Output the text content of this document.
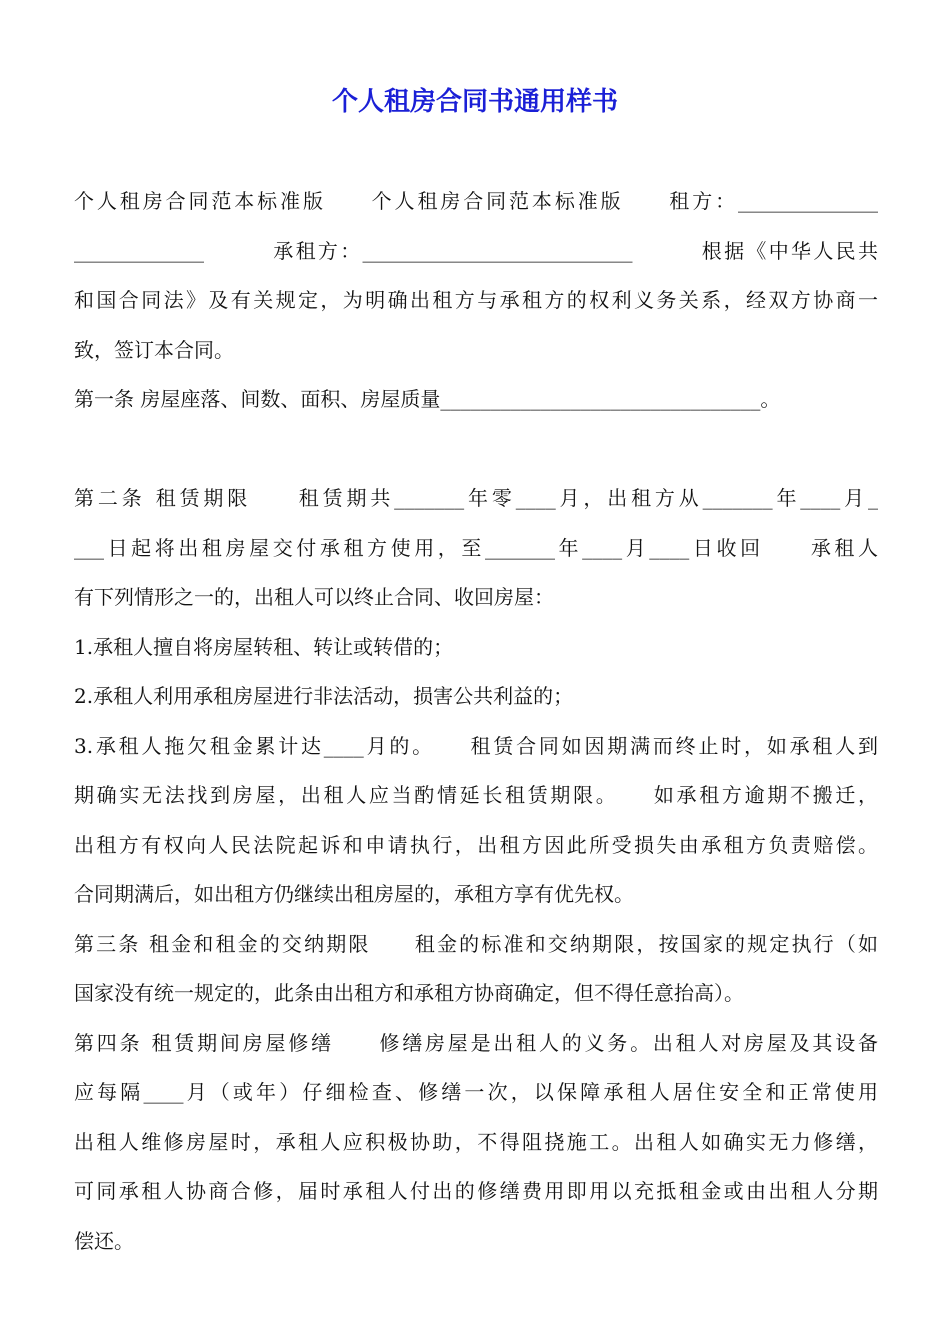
个人租房合同书通用样书
个人租房合同范本标准版　　个人租房合同范本标准版　　租方：______________
_____________　　　承租方：___________________________　　　根据《中华人民共
和国合同法》及有关规定，为明确出租方与承租方的权利义务关系，经双方协商一
致，签订本合同。
第一条 房屋座落、间数、面积、房屋质量________________________________。
第二条 租赁期限　　租赁期共_______年零____月，出租方从_______年____月_
___日起将出租房屋交付承租方使用，至_______年____月____日收回　　承租人
有下列情形之一的，出租人可以终止合同、收回房屋：
1.承租人擅自将房屋转租、转让或转借的；
2.承租人利用承租房屋进行非法活动，损害公共利益的；
3.承租人拖欠租金累计达____月的。　　租赁合同如因期满而终止时，如承租人到
期确实无法找到房屋，出租人应当酌情延长租赁期限。　　如承租方逾期不搬迁，
出租方有权向人民法院起诉和申请执行，出租方因此所受损失由承租方负责赔偿。
合同期满后，如出租方仍继续出租房屋的，承租方享有优先权。
第三条 租金和租金的交纳期限　　租金的标准和交纳期限，按国家的规定执行（如
国家没有统一规定的，此条由出租方和承租方协商确定，但不得任意抬高）。
第四条 租赁期间房屋修缮　　修缮房屋是出租人的义务。出租人对房屋及其设备
应每隔____月（或年）仔细检查、修缮一次，以保障承租人居住安全和正常使用
出租人维修房屋时，承租人应积极协助，不得阻挠施工。出租人如确实无力修缮，
可同承租人协商合修，届时承租人付出的修缮费用即用以充抵租金或由出租人分期
偿还。
